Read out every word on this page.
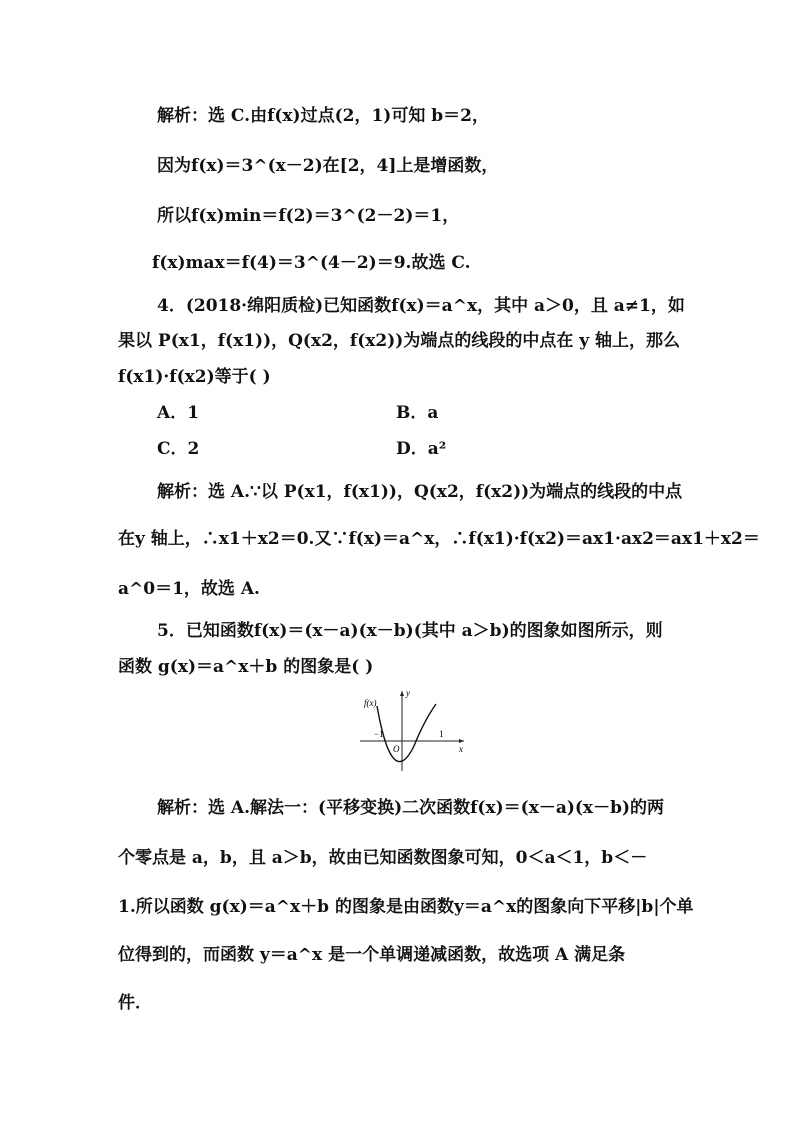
解析：选 C.由f(x)过点(2，1)可知 b＝2，
因为f(x)＝3^(x－2)在[2，4]上是增函数，
所以f(x)min＝f(2)＝3^(2－2)＝1，
f(x)max＝f(4)＝3^(4－2)＝9.故选 C.
4．(2018·绵阳质检)已知函数f(x)＝a^x，其中 a＞0，且 a≠1，如
果以 P(x1，f(x1))，Q(x2，f(x2))为端点的线段的中点在 y 轴上，那么
f(x1)·f(x2)等于( )
A．1	B．a
C．2	D．a²
解析：选 A.∵以 P(x1，f(x1))，Q(x2，f(x2))为端点的线段的中点
在y 轴上，∴x1＋x2＝0.又∵f(x)＝a^x，∴f(x1)·f(x2)＝ax1·ax2＝ax1＋x2＝
a^0＝1，故选 A.
5．已知函数f(x)＝(x－a)(x－b)(其中 a＞b)的图象如图所示，则
函数 g(x)＝a^x＋b 的图象是( )
f(x)
y
x
−1	1
O
解析：选 A.解法一：(平移变换)二次函数f(x)＝(x－a)(x－b)的两
个零点是 a，b，且 a＞b，故由已知函数图象可知，0＜a＜1，b＜－
1.所以函数 g(x)＝a^x＋b 的图象是由函数y＝a^x的图象向下平移|b|个单
位得到的，而函数 y＝a^x 是一个单调递减函数，故选项 A 满足条
件．
